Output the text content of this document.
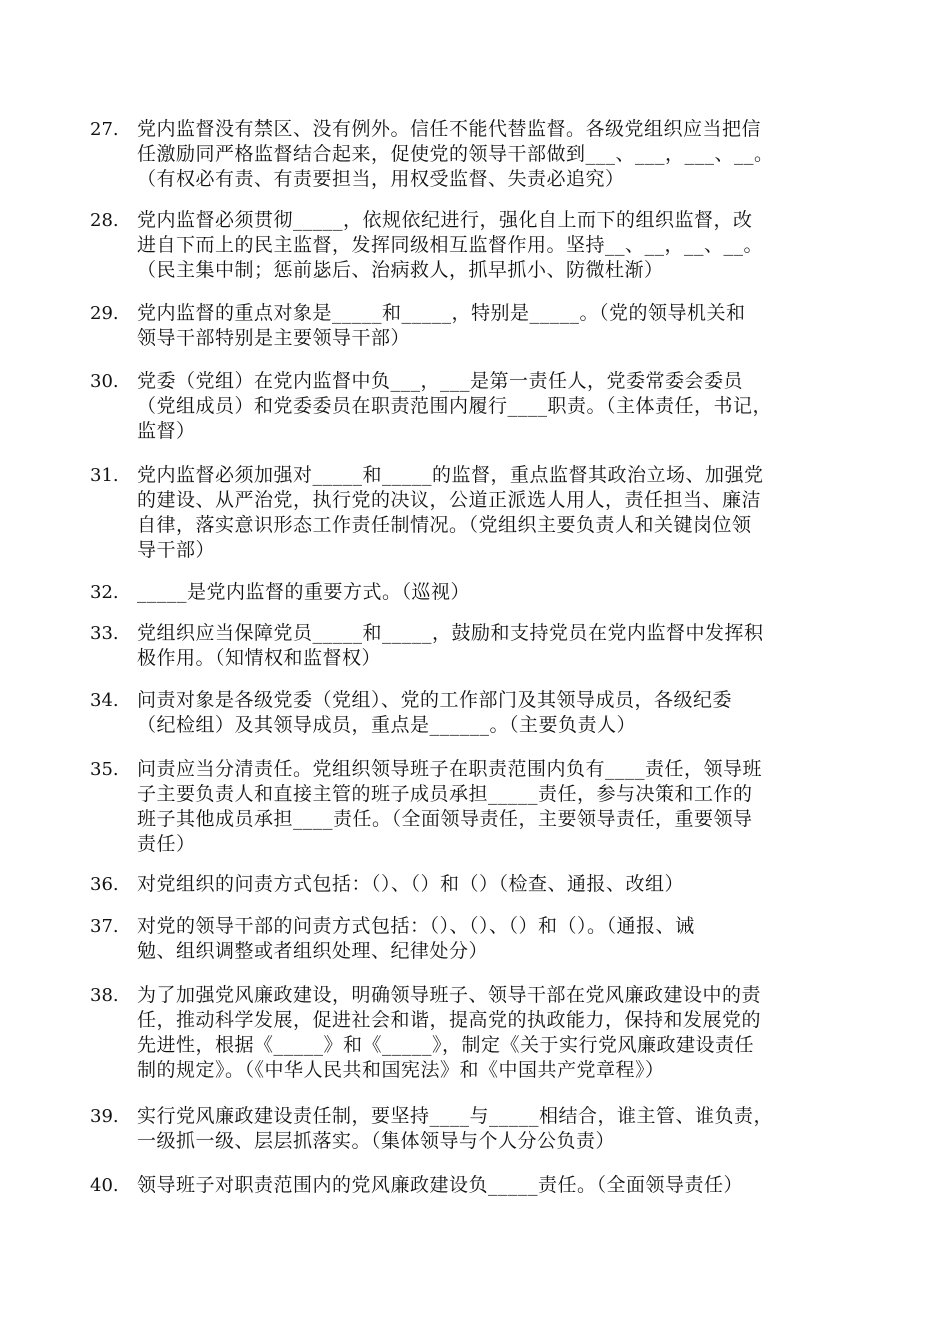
27. 党内监督没有禁区、没有例外。信任不能代替监督。各级党组织应当把信
任激励同严格监督结合起来，促使党的领导干部做到___、___，___、__。
（有权必有责、有责要担当，用权受监督、失责必追究）
28. 党内监督必须贯彻_____，依规依纪进行，强化自上而下的组织监督，改
进自下而上的民主监督，发挥同级相互监督作用。坚持__、__，__、__。
（民主集中制；惩前毖后、治病救人，抓早抓小、防微杜渐）
29. 党内监督的重点对象是_____和_____，特别是_____。（党的领导机关和
领导干部特别是主要领导干部）
30. 党委（党组）在党内监督中负___，___是第一责任人，党委常委会委员
（党组成员）和党委委员在职责范围内履行____职责。（主体责任，书记，
监督）
31. 党内监督必须加强对_____和_____的监督，重点监督其政治立场、加强党
的建设、从严治党，执行党的决议，公道正派选人用人，责任担当、廉洁
自律，落实意识形态工作责任制情况。（党组织主要负责人和关键岗位领
导干部）
32. _____是党内监督的重要方式。（巡视）
33. 党组织应当保障党员_____和_____，鼓励和支持党员在党内监督中发挥积
极作用。（知情权和监督权）
34. 问责对象是各级党委（党组）、党的工作部门及其领导成员，各级纪委
（纪检组）及其领导成员，重点是______。（主要负责人）
35. 问责应当分清责任。党组织领导班子在职责范围内负有____责任，领导班
子主要负责人和直接主管的班子成员承担_____责任，参与决策和工作的
班子其他成员承担____责任。（全面领导责任，主要领导责任，重要领导
责任）
36. 对党组织的问责方式包括：（）、（）和（）（检查、通报、改组）
37. 对党的领导干部的问责方式包括：（）、（）、（）和（）。（通报、诫
勉、组织调整或者组织处理、纪律处分）
38. 为了加强党风廉政建设，明确领导班子、领导干部在党风廉政建设中的责
任，推动科学发展，促进社会和谐，提高党的执政能力，保持和发展党的
先进性，根据《_____》和《_____》，制定《关于实行党风廉政建设责任
制的规定》。（《中华人民共和国宪法》和《中国共产党章程》）
39. 实行党风廉政建设责任制，要坚持____与_____相结合，谁主管、谁负责，
一级抓一级、层层抓落实。（集体领导与个人分公负责）
40. 领导班子对职责范围内的党风廉政建设负_____责任。（全面领导责任）
